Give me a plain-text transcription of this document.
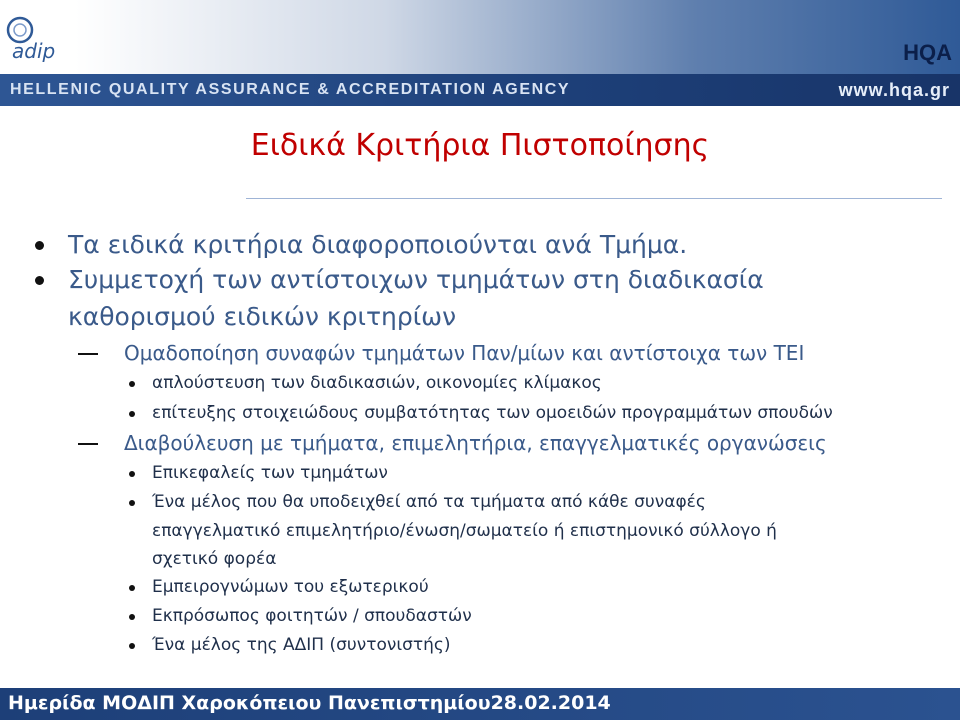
adip	HQA
HELLENIC QUALITY ASSURANCE & ACCREDITATION AGENCY	www.hqa.gr
Ειδικά Κριτήρια Πιστοποίησης
Τα ειδικά κριτήρια διαφοροποιούνται ανά Τμήμα.
Συμμετοχή των αντίστοιχων τμημάτων στη διαδικασία
καθορισμού ειδικών κριτηρίων
Ομαδοποίηση συναφών τμημάτων Παν/μίων και αντίστοιχα των ΤΕΙ
απλούστευση των διαδικασιών, οικονομίες κλίμακος
επίτευξης στοιχειώδους συμβατότητας των ομοειδών προγραμμάτων σπουδών
Διαβούλευση με τμήματα, επιμελητήρια, επαγγελματικές οργανώσεις
Επικεφαλείς των τμημάτων
Ένα μέλος που θα υποδειχθεί από τα τμήματα από κάθε συναφές
επαγγελματικό επιμελητήριο/ένωση/σωματείο ή επιστημονικό σύλλογο ή
σχετικό φορέα
Εμπειρογνώμων του εξωτερικού
Εκπρόσωπος φοιτητών / σπουδαστών
Ένα μέλος της ΑΔΙΠ (συντονιστής)
Ημερίδα ΜΟΔΙΠ Χαροκόπειου Πανεπιστημίου28.02.2014
